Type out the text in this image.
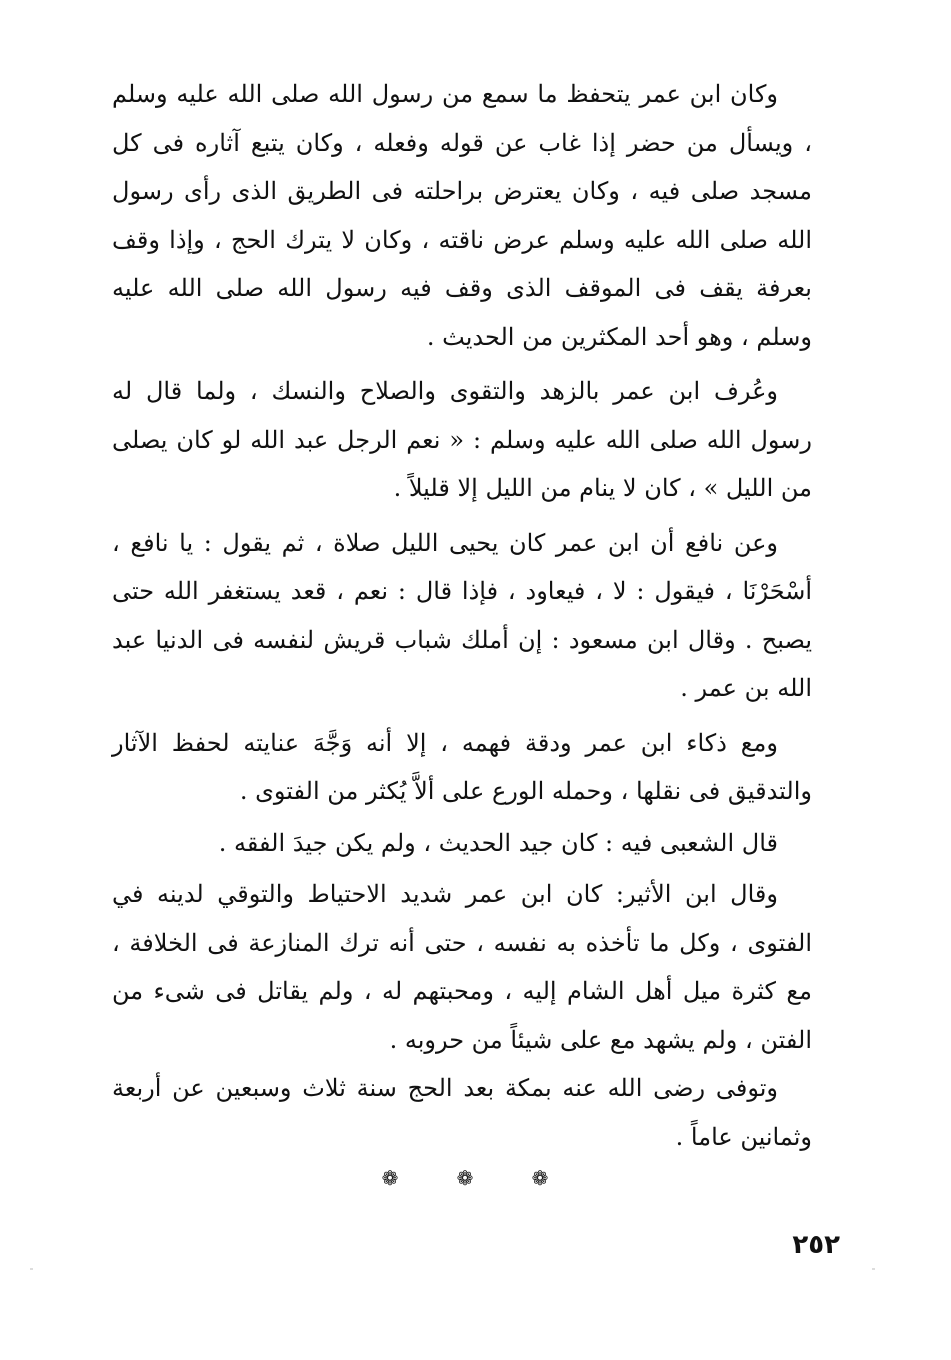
وكان ابن عمر يتحفظ ما سمع من رسول الله صلى الله عليه وسلم ، ويسأل من حضر إذا غاب عن قوله وفعله ، وكان يتبع آثاره فى كل مسجد صلى فيه ، وكان يعترض براحلته فى الطريق الذى رأى رسول الله صلى الله عليه وسلم عرض ناقته ، وكان لا يترك الحج ، وإذا وقف بعرفة يقف فى الموقف الذى وقف فيه رسول الله صلى الله عليه وسلم ، وهو أحد المكثرين من الحديث .

وعُرف ابن عمر بالزهد والتقوى والصلاح والنسك ، ولما قال له رسول الله صلى الله عليه وسلم : « نعم الرجل عبد الله لو كان يصلى من الليل » ، كان لا ينام من الليل إلا قليلاً .

وعن نافع أن ابن عمر كان يحيى الليل صلاة ، ثم يقول : يا نافع ، أسْحَرْنَا ، فيقول : لا ، فيعاود ، فإذا قال : نعم ، قعد يستغفر الله حتى يصبح . وقال ابن مسعود : إن أملك شباب قريش لنفسه فى الدنيا عبد الله بن عمر .

ومع ذكاء ابن عمر ودقة فهمه ، إلا أنه وَجَّهَ عنايته لحفظ الآثار والتدقيق فى نقلها ، وحمله الورع على ألاَّ يُكثر من الفتوى .

قال الشعبى فيه : كان جيد الحديث ، ولم يكن جيدَ الفقه .

وقال ابن الأثير: كان ابن عمر شديد الاحتياط والتوقي لدينه في الفتوى ، وكل ما تأخذه به نفسه ، حتى أنه ترك المنازعة فى الخلافة ، مع كثرة ميل أهل الشام إليه ، ومحبتهم له ، ولم يقاتل فى شىء من الفتن ، ولم يشهد مع على شيئاً من حروبه .

وتوفى رضى الله عنه بمكة بعد الحج سنة ثلاث وسبعين عن أربعة وثمانين عاماً .

❁	❁	❁
٢٥٢
